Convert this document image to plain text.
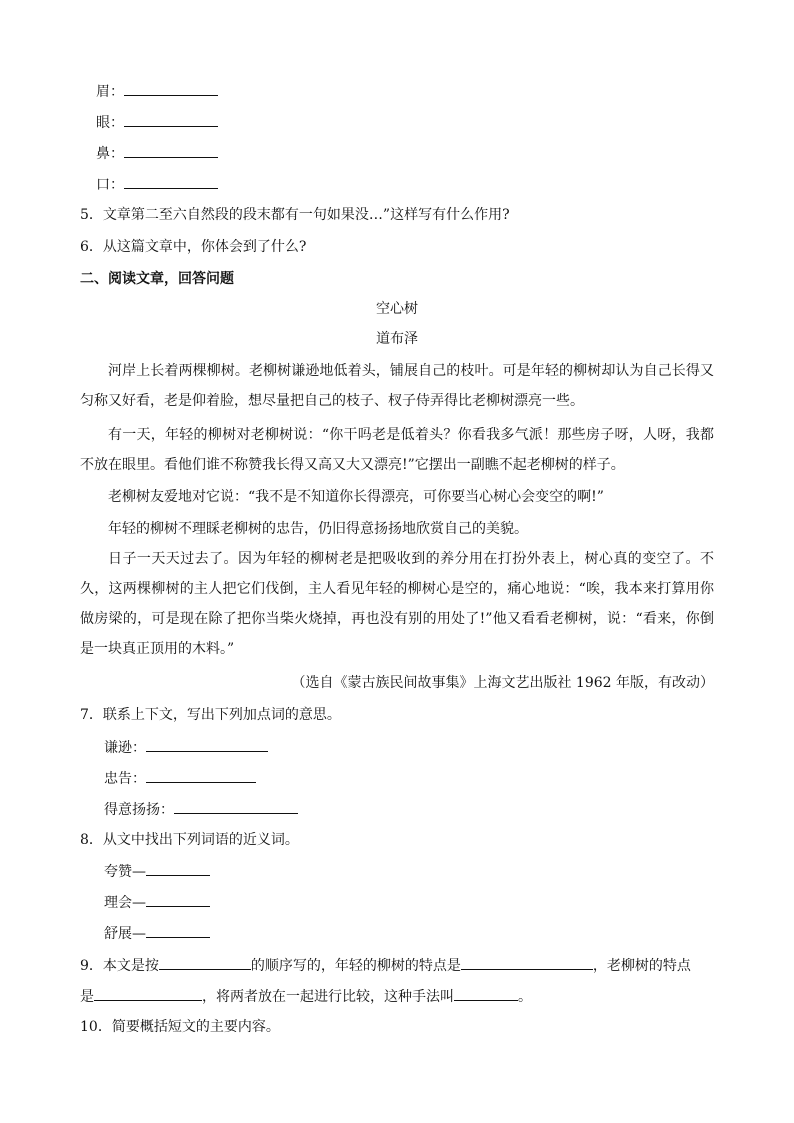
眉：
眼：
鼻：
口：
5．文章第二至六自然段的段末都有一句如果没…”这样写有什么作用?
6．从这篇文章中，你体会到了什么?
二、阅读文章，回答问题
空心树
道布泽
河岸上长着两棵柳树。老柳树谦逊地低着头，铺展自己的枝叶。可是年轻的柳树却认为自己长得又匀称又好看，老是仰着脸，想尽量把自己的枝子、杈子侍弄得比老柳树漂亮一些。
有一天，年轻的柳树对老柳树说：“你干吗老是低着头？你看我多气派！那些房子呀，人呀，我都不放在眼里。看他们谁不称赞我长得又高又大又漂亮!”它摆出一副瞧不起老柳树的样子。
老柳树友爱地对它说：“我不是不知道你长得漂亮，可你要当心树心会变空的啊!”
年轻的柳树不理睬老柳树的忠告，仍旧得意扬扬地欣赏自己的美貌。
日子一天天过去了。因为年轻的柳树老是把吸收到的养分用在打扮外表上，树心真的变空了。不久，这两棵柳树的主人把它们伐倒，主人看见年轻的柳树心是空的，痛心地说：“唉，我本来打算用你做房梁的，可是现在除了把你当柴火烧掉，再也没有别的用处了!”他又看看老柳树，说：“看来，你倒是一块真正顶用的木料。”
（选自《蒙古族民间故事集》上海文艺出版社 1962 年版，有改动）
7．联系上下文，写出下列加点词的意思。
谦逊：
忠告：
得意扬扬：
8．从文中找出下列词语的近义词。
夸赞—
理会—
舒展—
9．本文是按	的顺序写的，年轻的柳树的特点是	，老柳树的特点
是	，将两者放在一起进行比较，这种手法叫	。
10．简要概括短文的主要内容。
